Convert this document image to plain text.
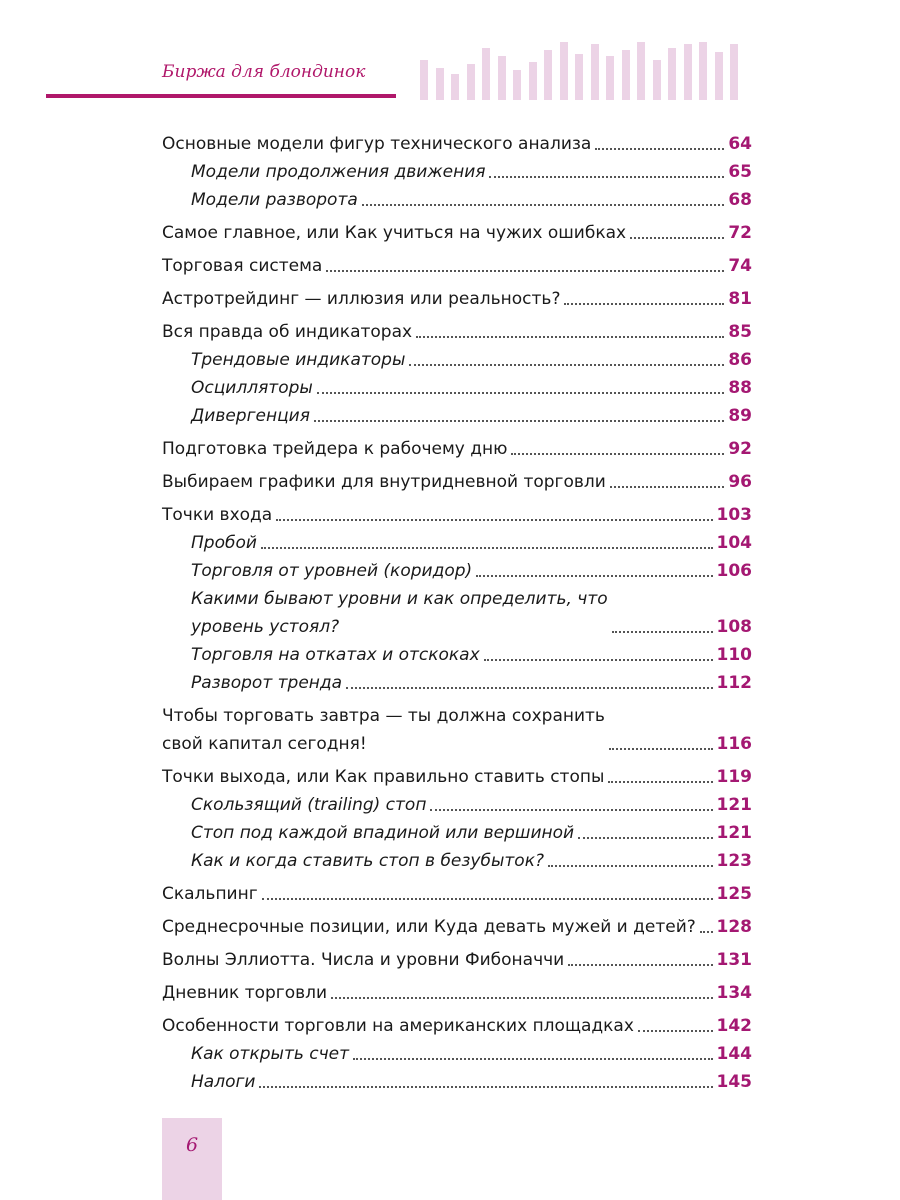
Биржа для блондинок
Основные модели фигур технического анализа	64
Модели продолжения движения	65
Модели разворота	68
Самое главное, или Как учиться на чужих ошибках	72
Торговая система	74
Астротрейдинг — иллюзия или реальность?	81
Вся правда об индикаторах	85
Трендовые индикаторы	86
Осцилляторы	88
Дивергенция	89
Подготовка трейдера к рабочему дню	92
Выбираем графики для внутридневной торговли	96
Точки входа	103
Пробой	104
Торговля от уровней (коридор)	106
Какими бывают уровни и как определить, что
уровень устоял?	108
Торговля на откатах и отскоках	110
Разворот тренда	112
Чтобы торговать завтра — ты должна сохранить
свой капитал сегодня!	116
Точки выхода, или Как правильно ставить стопы	119
Скользящий (trailing) стоп	121
Стоп под каждой впадиной или вершиной	121
Как и когда ставить стоп в безубыток?	123
Скальпинг	125
Среднесрочные позиции, или Куда девать мужей и детей? 128
Волны Эллиотта. Числа и уровни Фибоначчи	131
Дневник торговли	134
Особенности торговли на американских площадках	142
Как открыть счет	144
Налоги	145
6
